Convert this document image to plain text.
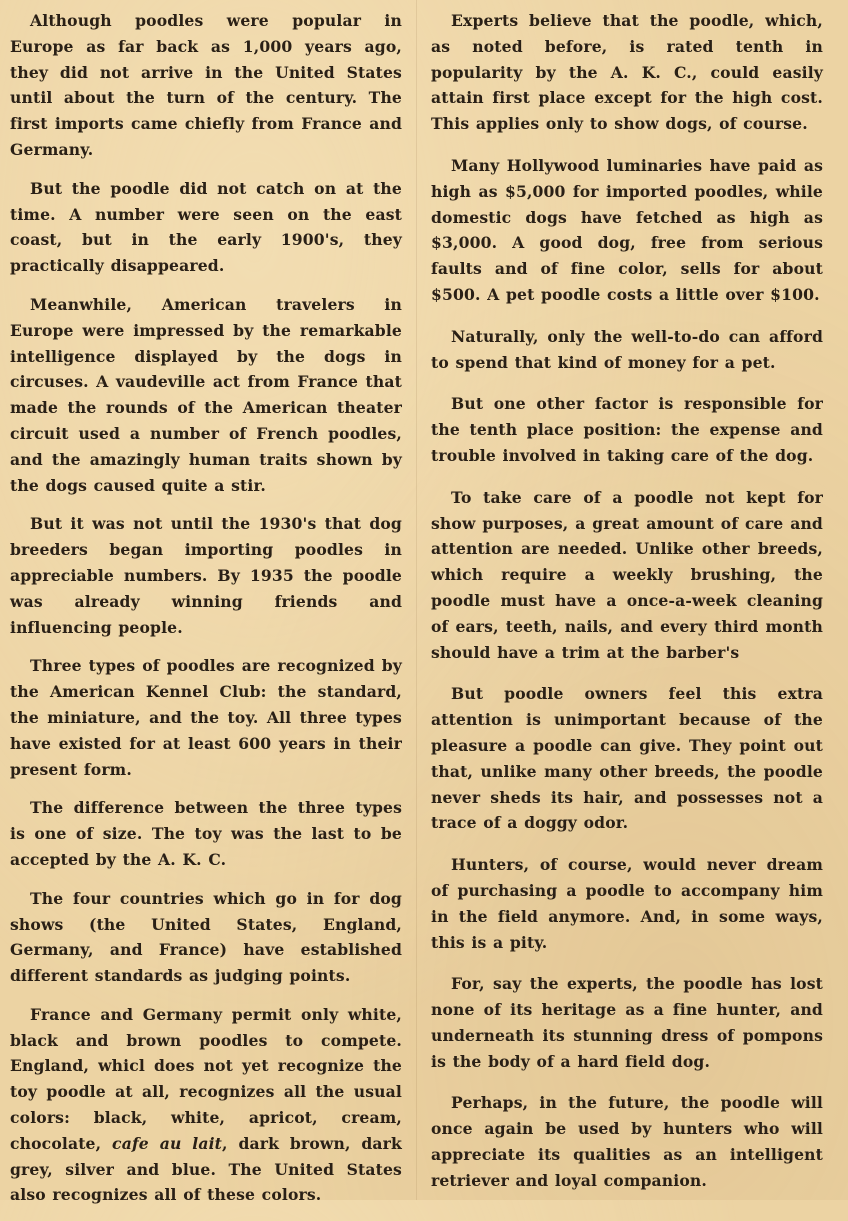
Although poodles were popular in Europe as far back as 1,000 years ago, they did not arrive in the United States until about the turn of the century. The first imports came chiefly from France and Germany.

But the poodle did not catch on at the time. A number were seen on the east coast, but in the early 1900's, they practically disappeared.

Meanwhile, American travelers in Europe were impressed by the remarkable intelligence displayed by the dogs in circuses. A vaudeville act from France that made the rounds of the American theater circuit used a number of French poodles, and the amazingly human traits shown by the dogs caused quite a stir.

But it was not until the 1930's that dog breeders began importing poodles in appreciable numbers. By 1935 the poodle was already winning friends and influencing people.

Three types of poodles are recognized by the American Kennel Club: the standard, the miniature, and the toy. All three types have existed for at least 600 years in their present form.

The difference between the three types is one of size. The toy was the last to be accepted by the A. K. C.

The four countries which go in for dog shows (the United States, England, Germany, and France) have established different standards as judging points.

France and Germany permit only white, black and brown poodles to compete. England, whicl does not yet recognize the toy poodle at all, recognizes all the usual colors: black, white, apricot, cream, chocolate, cafe au lait, dark brown, dark grey, silver and blue. The United States also recognizes all of these colors.

Experts believe that the poodle, which, as noted before, is rated tenth in popularity by the A. K. C., could easily attain first place except for the high cost. This applies only to show dogs, of course.

Many Hollywood luminaries have paid as high as $5,000 for imported poodles, while domestic dogs have fetched as high as $3,000. A good dog, free from serious faults and of fine color, sells for about $500. A pet poodle costs a little over $100.

Naturally, only the well-to-do can afford to spend that kind of money for a pet.

But one other factor is responsible for the tenth place position: the expense and trouble involved in taking care of the dog.

To take care of a poodle not kept for show purposes, a great amount of care and attention are needed. Unlike other breeds, which require a weekly brushing, the poodle must have a once-a-week cleaning of ears, teeth, nails, and every third month should have a trim at the barber's

But poodle owners feel this extra attention is unimportant because of the pleasure a poodle can give. They point out that, unlike many other breeds, the poodle never sheds its hair, and possesses not a trace of a doggy odor.

Hunters, of course, would never dream of purchasing a poodle to accompany him in the field anymore. And, in some ways, this is a pity.

For, say the experts, the poodle has lost none of its heritage as a fine hunter, and underneath its stunning dress of pompons is the body of a hard field dog.

Perhaps, in the future, the poodle will once again be used by hunters who will appreciate its qualities as an intelligent retriever and loyal companion.
